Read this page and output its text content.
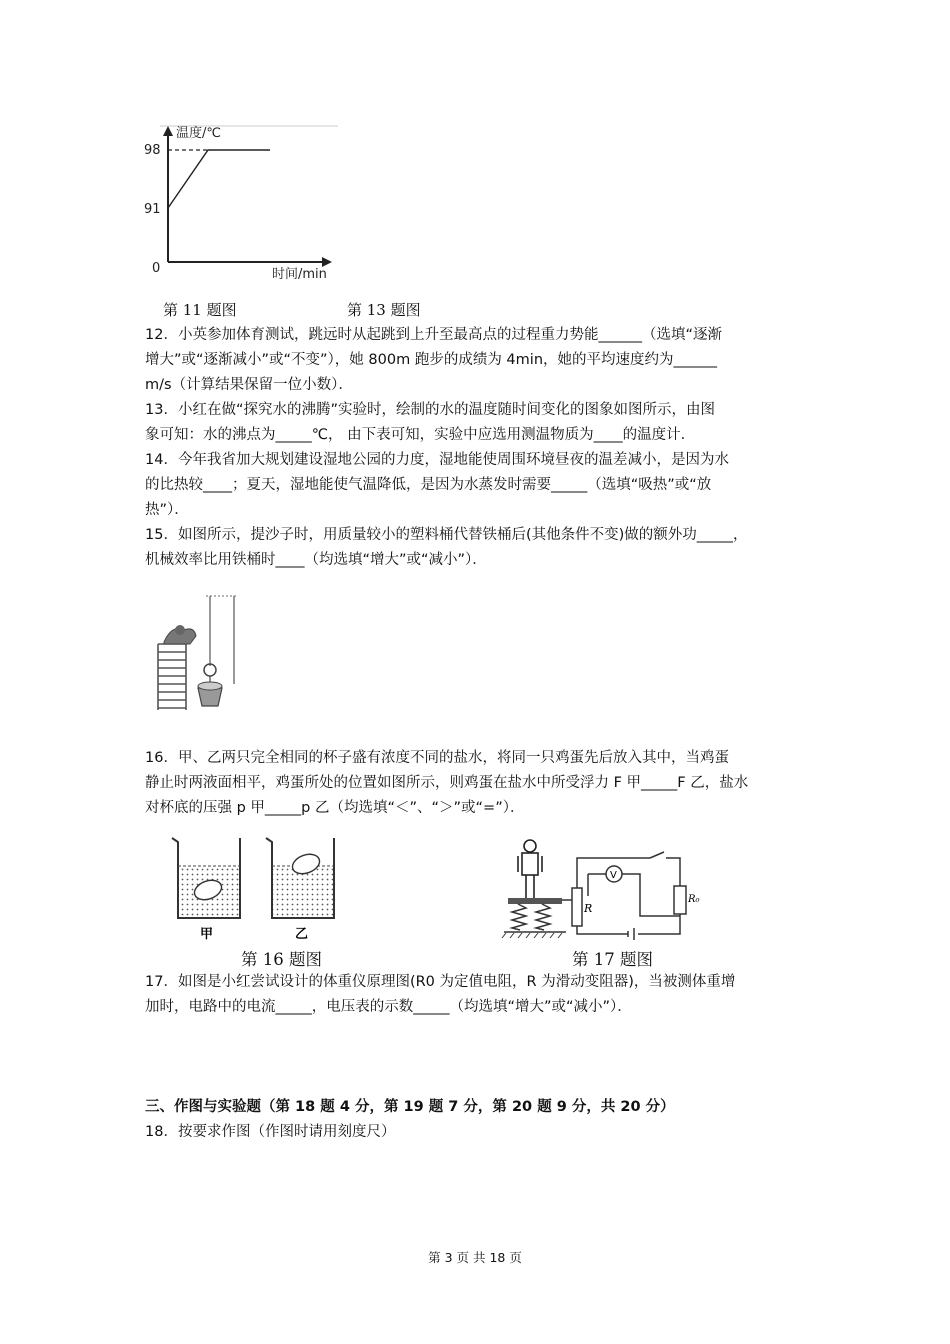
温度/℃
98
91
0	时间/min
第 11 题图	第 13 题图
12．小英参加体育测试，跳远时从起跳到上升至最高点的过程重力势能______（选填“逐渐
增大”或“逐渐减小”或“不变”），她 800m 跑步的成绩为 4min，她的平均速度约为______
m/s（计算结果保留一位小数）．
13．小红在做“探究水的沸腾”实验时，绘制的水的温度随时间变化的图象如图所示，由图
象可知：水的沸点为_____℃， 由下表可知，实验中应选用测温物质为____的温度计．
14．今年我省加大规划建设湿地公园的力度，湿地能使周围环境昼夜的温差减小，是因为水
的比热较____；夏天，湿地能使气温降低，是因为水蒸发时需要_____（选填“吸热”或“放
热”）．
15．如图所示，提沙子时，用质量较小的塑料桶代替铁桶后(其他条件不变)做的额外功_____，
机械效率比用铁桶时____（均选填“增大”或“减小”）．
16．甲、乙两只完全相同的杯子盛有浓度不同的盐水，将同一只鸡蛋先后放入其中，当鸡蛋
静止时两液面相平，鸡蛋所处的位置如图所示，则鸡蛋在盐水中所受浮力 F 甲_____F 乙，盐水
对杯底的压强 p 甲_____p 乙（均选填“＜”、“＞”或“=”）．
甲	乙
R
V
R₀
第 16 题图	第 17 题图
17．如图是小红尝试设计的体重仪原理图(R0 为定值电阻，R 为滑动变阻器)，当被测体重增
加时，电路中的电流_____，电压表的示数_____（均选填“增大”或“减小”）．
三、作图与实验题（第 18 题 4 分，第 19 题 7 分，第 20 题 9 分，共 20 分）
18．按要求作图（作图时请用刻度尺）
第 3 页 共 18 页
